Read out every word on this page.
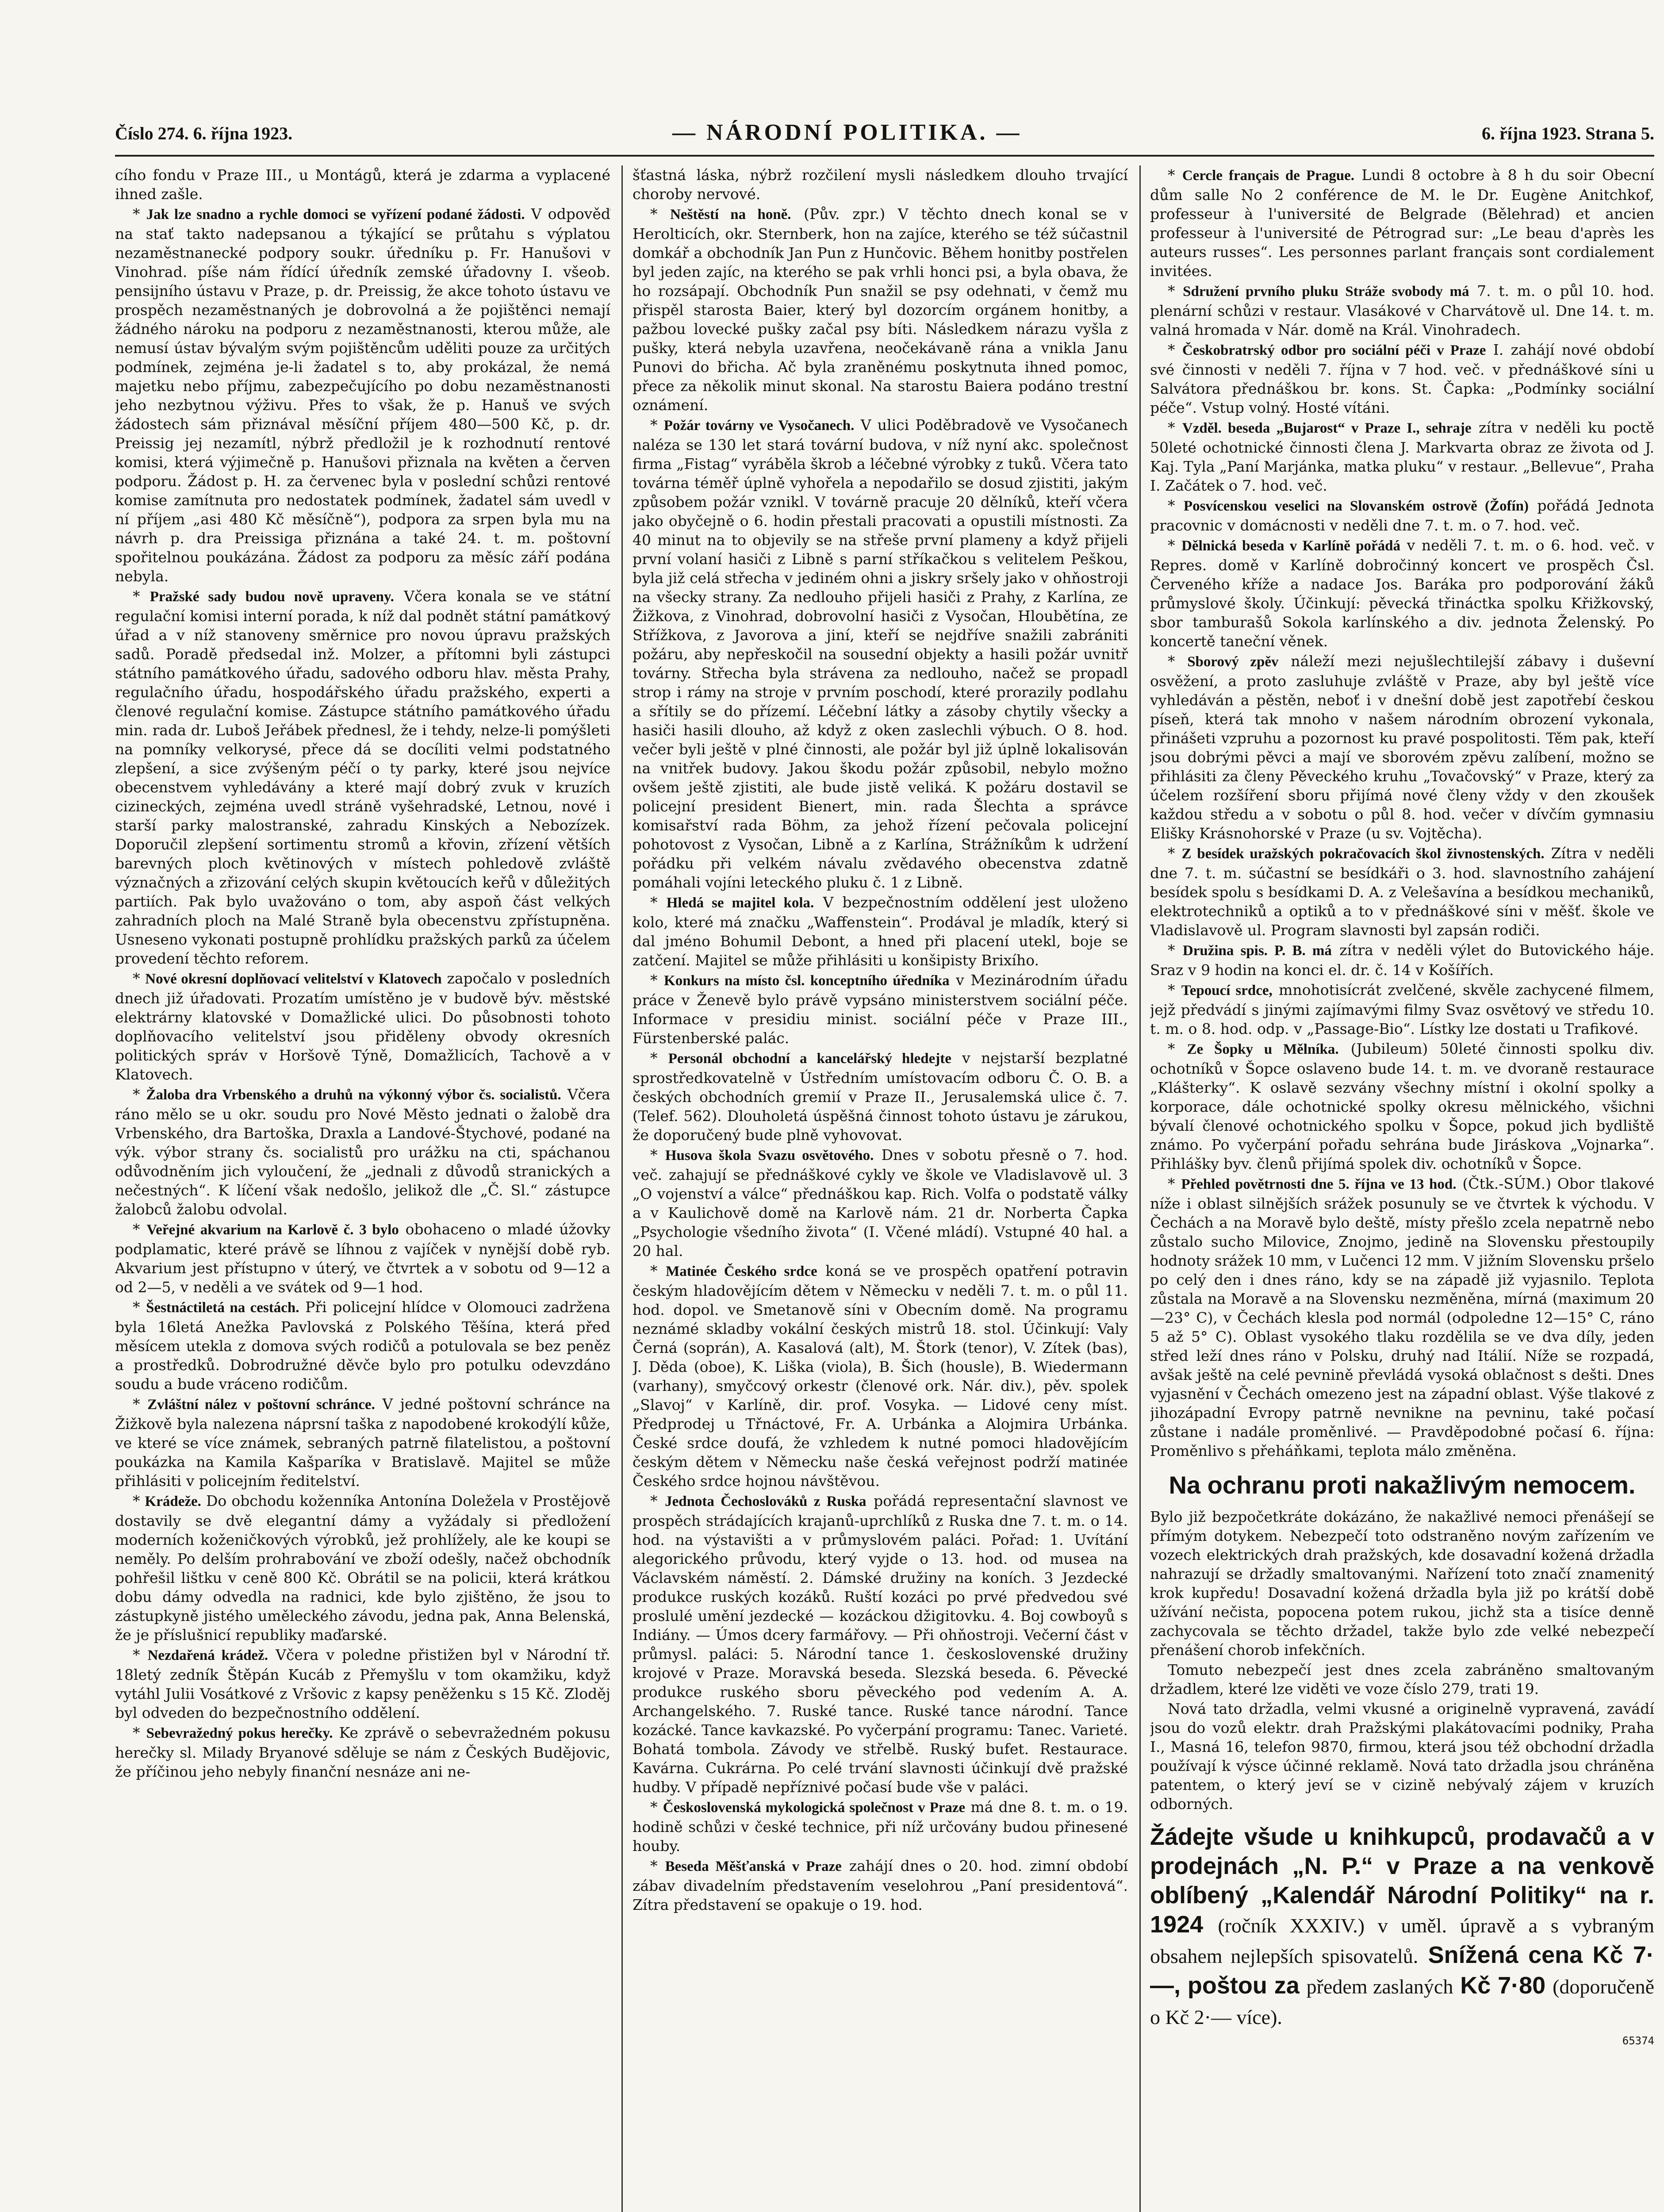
Číslo 274. 6. října 1923.	— NÁRODNÍ POLITIKA. —	6. října 1923. Strana 5.

cího fondu v Praze III., u Montágů, která je zdarma a vyplacené ihned zašle.

* Jak lze snadno a rychle domoci se vyřízení podané žádosti. V odpověď na stať takto nadepsanou a týkající se průtahu s výplatou nezaměstnanecké podpory soukr. úředníku p. Fr. Hanušovi v Vinohrad. píše nám řídící úředník zemské úřadovny I. všeob. pensijního ústavu v Praze, p. dr. Preissig, že akce tohoto ústavu ve prospěch nezaměstnaných je dobrovolná a že pojištěnci nemají žádného nároku na podporu z nezaměstnanosti, kterou může, ale nemusí ústav bývalým svým pojištěncům uděliti pouze za určitých podmínek, zejména je-li žadatel s to, aby prokázal, že nemá majetku nebo příjmu, zabezpečujícího po dobu nezaměstnanosti jeho nezbytnou výživu. Přes to však, že p. Hanuš ve svých žádostech sám přiznával měsíční příjem 480—500 Kč, p. dr. Preissig jej nezamítl, nýbrž předložil je k rozhodnutí rentové komisi, která výjimečně p. Hanušovi přiznala na květen a červen podporu. Žádost p. H. za červenec byla v poslední schůzi rentové komise zamítnuta pro nedostatek podmínek, žadatel sám uvedl v ní příjem „asi 480 Kč měsíčně“), podpora za srpen byla mu na návrh p. dra Preissiga přiznána a také 24. t. m. poštovní spořitelnou poukázána. Žádost za podporu za měsíc září podána nebyla.

* Pražské sady budou nově upraveny. Včera konala se ve státní regulační komisi interní porada, k níž dal podnět státní památkový úřad a v níž stanoveny směrnice pro novou úpravu pražských sadů. Poradě předsedal inž. Molzer, a přítomni byli zástupci státního památkového úřadu, sadového odboru hlav. města Prahy, regulačního úřadu, hospodářského úřadu pražského, experti a členové regulační komise. Zástupce státního památkového úřadu min. rada dr. Luboš Jeřábek přednesl, že i tehdy, nelze-li pomýšleti na pomníky velkorysé, přece dá se docíliti velmi podstatného zlepšení, a sice zvýšeným péčí o ty parky, které jsou nejvíce obecenstvem vyhledávány a které mají dobrý zvuk v kruzích cizineckých, zejména uvedl stráně vyšehradské, Letnou, nové i starší parky malostranské, zahradu Kinských a Nebozízek. Doporučil zlepšení sortimentu stromů a křovin, zřízení větších barevných ploch květinových v místech pohledově zvláště význačných a zřizování celých skupin květoucích keřů v důležitých partiích. Pak bylo uvažováno o tom, aby aspoň část velkých zahradních ploch na Malé Straně byla obecenstvu zpřístupněna. Usneseno vykonati postupně prohlídku pražských parků za účelem provedení těchto reforem.

* Nové okresní doplňovací velitelství v Klatovech započalo v posledních dnech již úřadovati. Prozatím umístěno je v budově býv. městské elektrárny klatovské v Domažlické ulici. Do působnosti tohoto doplňovacího velitelství jsou přiděleny obvody okresních politických správ v Horšově Týně, Domažlicích, Tachově a v Klatovech.

* Žaloba dra Vrbenského a druhů na výkonný výbor čs. socialistů. Včera ráno mělo se u okr. soudu pro Nové Město jednati o žalobě dra Vrbenského, dra Bartoška, Draxla a Landové-Štychové, podané na výk. výbor strany čs. socialistů pro urážku na cti, spáchanou odůvodněním jich vyloučení, že „jednali z důvodů stranických a nečestných“. K líčení však nedošlo, jelikož dle „Č. Sl.“ zástupce žalobců žalobu odvolal.

* Veřejné akvarium na Karlově č. 3 bylo obohaceno o mladé úžovky podplamatic, které právě se líhnou z vajíček v nynější době ryb. Akvarium jest přístupno v úterý, ve čtvrtek a v sobotu od 9—12 a od 2—5, v neděli a ve svátek od 9—1 hod.

* Šestnáctiletá na cestách. Při policejní hlídce v Olomouci zadržena byla 16letá Anežka Pavlovská z Polského Těšína, která před měsícem utekla z domova svých rodičů a potulovala se bez peněz a prostředků. Dobrodružné děvče bylo pro potulku odevzdáno soudu a bude vráceno rodičům.

* Zvláštní nález v poštovní schránce. V jedné poštovní schránce na Žižkově byla nalezena náprsní taška z napodobené krokodýlí kůže, ve které se více známek, sebraných patrně filatelistou, a poštovní poukázka na Kamila Kašparíka v Bratislavě. Majitel se může přihlásiti v policejním ředitelství.

* Krádeže. Do obchodu koženníka Antonína Doležela v Prostějově dostavily se dvě elegantní dámy a vyžádaly si předložení moderních koženičkových výrobků, jež prohlížely, ale ke koupi se neměly. Po delším prohrabování ve zboží odešly, načež obchodník pohřešil lištku v ceně 800 Kč. Obrátil se na policii, která krátkou dobu dámy odvedla na radnici, kde bylo zjištěno, že jsou to zástupkyně jistého uměleckého závodu, jedna pak, Anna Belenská, že je příslušnicí republiky maďarské.

* Nezdařená krádež. Včera v poledne přistižen byl v Národní tř. 18letý zedník Štěpán Kucáb z Přemyšlu v tom okamžiku, když vytáhl Julii Vosátkové z Vršovic z kapsy peněženku s 15 Kč. Zloděj byl odveden do bezpečnostního oddělení.

* Sebevražedný pokus herečky. Ke zprávě o sebevražedném pokusu herečky sl. Milady Bryanové sděluje se nám z Českých Budějovic, že příčinou jeho nebyly finanční nesnáze ani ne-

šťastná láska, nýbrž rozčilení mysli následkem dlouho trvající choroby nervové.

* Neštěstí na honě. (Pův. zpr.) V těchto dnech konal se v Herolticích, okr. Sternberk, hon na zajíce, kterého se též súčastnil domkář a obchodník Jan Pun z Hunčovic. Během honitby postřelen byl jeden zajíc, na kterého se pak vrhli honci psi, a byla obava, že ho rozsápají. Obchodník Pun snažil se psy odehnati, v čemž mu přispěl starosta Baier, který byl dozorcím orgánem honitby, a pažbou lovecké pušky začal psy bíti. Následkem nárazu vyšla z pušky, která nebyla uzavřena, neočekávaně rána a vnikla Janu Punovi do břicha. Ač byla zraněnému poskytnuta ihned pomoc, přece za několik minut skonal. Na starostu Baiera podáno trestní oznámení.

* Požár továrny ve Vysočanech. V ulici Poděbradově ve Vysočanech naléza se 130 let stará tovární budova, v níž nyní akc. společnost firma „Fistag“ vyráběla škrob a léčebné výrobky z tuků. Včera tato továrna téměř úplně vyhořela a nepodařilo se dosud zjistiti, jakým způsobem požár vznikl. V továrně pracuje 20 dělníků, kteří včera jako obyčejně o 6. hodin přestali pracovati a opustili místnosti. Za 40 minut na to objevily se na střeše první plameny a když přijeli první volaní hasiči z Libně s parní stříkačkou s velitelem Peškou, byla již celá střecha v jediném ohni a jiskry sršely jako v ohňostroji na všecky strany. Za nedlouho přijeli hasiči z Prahy, z Karlína, ze Žižkova, z Vinohrad, dobrovolní hasiči z Vysočan, Hloubětína, ze Střížkova, z Javorova a jiní, kteří se nejdříve snažili zabrániti požáru, aby nepřeskočil na sousední objekty a hasili požár uvnitř továrny. Střecha byla strávena za nedlouho, načež se propadl strop i rámy na stroje v prvním poschodí, které prorazily podlahu a sřítily se do přízemí. Léčební látky a zásoby chytily všecky a hasiči hasili dlouho, až když z oken zaslechli výbuch. O 8. hod. večer byli ještě v plné činnosti, ale požár byl již úplně lokalisován na vnitřek budovy. Jakou škodu požár způsobil, nebylo možno ovšem ještě zjistiti, ale bude jistě veliká. K požáru dostavil se policejní president Bienert, min. rada Šlechta a správce komisařství rada Böhm, za jehož řízení pečovala policejní pohotovost z Vysočan, Libně a z Karlína, Strážníkům k udržení pořádku při velkém návalu zvědavého obecenstva zdatně pomáhali vojíni leteckého pluku č. 1 z Libně.

* Hledá se majitel kola. V bezpečnostním oddělení jest uloženo kolo, které má značku „Waffenstein“. Prodával je mladík, který si dal jméno Bohumil Debont, a hned při placení utekl, boje se zatčení. Majitel se může přihlásiti u konšipisty Brixího.

* Konkurs na místo čsl. konceptního úředníka v Mezinárodním úřadu práce v Ženevě bylo právě vypsáno ministerstvem sociální péče. Informace v presidiu minist. sociální péče v Praze III., Fürstenberské palác.

* Personál obchodní a kancelářský hledejte v nejstarší bezplatné sprostředkovatelně v Ústředním umístovacím odboru Č. O. B. a českých obchodních gremií v Praze II., Jerusalemská ulice č. 7. (Telef. 562). Dlouholetá úspěšná činnost tohoto ústavu je zárukou, že doporučený bude plně vyhovovat.

* Husova škola Svazu osvětového. Dnes v sobotu přesně o 7. hod. več. zahajují se přednáškové cykly ve škole ve Vladislavově ul. 3 „O vojenství a válce“ přednáškou kap. Rich. Volfa o podstatě války a v Kaulichově domě na Karlově nám. 21 dr. Norberta Čapka „Psychologie všedního života“ (I. Včené mládí). Vstupné 40 hal. a 20 hal.

* Matinée Českého srdce koná se ve prospěch opatření potravin českým hladovějícím dětem v Německu v neděli 7. t. m. o půl 11. hod. dopol. ve Smetanově síni v Obecním domě. Na programu neznámé skladby vokální českých mistrů 18. stol. Účinkují: Valy Černá (soprán), A. Kasalová (alt), M. Štork (tenor), V. Zítek (bas), J. Děda (oboe), K. Liška (viola), B. Šich (housle), B. Wiedermann (varhany), smyčcový orkestr (členové ork. Nár. div.), pěv. spolek „Slavoj“ v Karlíně, dir. prof. Vosyka. — Lidové ceny míst. Předprodej u Třnáctové, Fr. A. Urbánka a Alojmira Urbánka. České srdce doufá, že vzhledem k nutné pomoci hladovějícím českým dětem v Německu naše česká veřejnost podrží matinée Českého srdce hojnou návštěvou.

* Jednota Čechoslováků z Ruska pořádá representační slavnost ve prospěch strádajících krajanů-uprchlíků z Ruska dne 7. t. m. o 14. hod. na výstavišti a v průmyslovém paláci. Pořad: 1. Uvítání alegorického průvodu, který vyjde o 13. hod. od musea na Václavském náměstí. 2. Dámské družiny na koních. 3 Jezdecké produkce ruských kozáků. Ruští kozáci po prvé předvedou své proslulé umění jezdecké — kozáckou džigitovku. 4. Boj cowboyů s Indiány. — Úmos dcery farmářovy. — Při ohňostroji. Večerní část v průmysl. paláci: 5. Národní tance 1. československé družiny krojové v Praze. Moravská beseda. Slezská beseda. 6. Pěvecké produkce ruského sboru pěveckého pod vedením A. A. Archangelského. 7. Ruské tance. Ruské tance národní. Tance kozácké. Tance kavkazské. Po vyčerpání programu: Tanec. Varieté. Bohatá tombola. Závody ve střelbě. Ruský bufet. Restaurace. Kavárna. Cukrárna. Po celé trvání slavnosti účinkují dvě pražské hudby. V případě nepříznivé počasí bude vše v paláci.

* Československá mykologická společnost v Praze má dne 8. t. m. o 19. hodině schůzi v české technice, při níž určovány budou přinesené houby.

* Beseda Měšťanská v Praze zahájí dnes o 20. hod. zimní období zábav divadelním představením veselohrou „Paní presidentová“. Zítra představení se opakuje o 19. hod.

* Cercle français de Prague. Lundi 8 octobre à 8 h du soir Obecní dům salle No 2 conférence de M. le Dr. Eugène Anitchkof, professeur à l'université de Belgrade (Bělehrad) et ancien professeur à l'université de Pétrograd sur: „Le beau d'après les auteurs russes“. Les personnes parlant français sont cordialement invitées.

* Sdružení prvního pluku Stráže svobody má 7. t. m. o půl 10. hod. plenární schůzi v restaur. Vlasákové v Charvátově ul. Dne 14. t. m. valná hromada v Nár. domě na Král. Vinohradech.

* Českobratrský odbor pro sociální péči v Praze I. zahájí nové období své činnosti v neděli 7. října v 7 hod. več. v přednáškové síni u Salvátora přednáškou br. kons. St. Čapka: „Podmínky sociální péče“. Vstup volný. Hosté vítáni.

* Vzděl. beseda „Bujarost“ v Praze I., sehraje zítra v neděli ku poctě 50leté ochotnické činnosti člena J. Markvarta obraz ze života od J. Kaj. Tyla „Paní Marjánka, matka pluku“ v restaur. „Bellevue“, Praha I. Začátek o 7. hod. več.

* Posvícenskou veselici na Slovanském ostrově (Žofín) pořádá Jednota pracovnic v domácnosti v neděli dne 7. t. m. o 7. hod. več.

* Dělnická beseda v Karlíně pořádá v neděli 7. t. m. o 6. hod. več. v Repres. domě v Karlíně dobročinný koncert ve prospěch Čsl. Červeného kříže a nadace Jos. Baráka pro podporování žáků průmyslové školy. Účinkují: pěvecká třináctka spolku Křižkovský, sbor tamburašů Sokola karlínského a div. jednota Želenský. Po koncertě taneční věnek.

* Sborový zpěv náleží mezi nejušlechtilejší zábavy i duševní osvěžení, a proto zasluhuje zvláště v Praze, aby byl ještě více vyhledáván a pěstěn, neboť i v dnešní době jest zapotřebí českou píseň, která tak mnoho v našem národním obrození vykonala, přinášeti vzpruhu a pozornost ku pravé pospolitosti. Těm pak, kteří jsou dobrými pěvci a mají ve sborovém zpěvu zalíbení, možno se přihlásiti za členy Pěveckého kruhu „Tovačovský“ v Praze, který za účelem rozšíření sboru přijímá nové členy vždy v den zkoušek každou středu a v sobotu o půl 8. hod. večer v dívčím gymnasiu Elišky Krásnohorské v Praze (u sv. Vojtěcha).

* Z besídek uražských pokračovacích škol živnostenských. Zítra v neděli dne 7. t. m. súčastní se besídkáři o 3. hod. slavnostního zahájení besídek spolu s besídkami D. A. z Velešavína a besídkou mechaniků, elektrotechniků a optiků a to v přednáškové síni v měšť. škole ve Vladislavově ul. Program slavnosti byl zapsán rodiči.

* Družina spis. P. B. má zítra v neděli výlet do Butovického háje. Sraz v 9 hodin na konci el. dr. č. 14 v Košířích.

* Tepoucí srdce, mnohotisícrát zvelčené, skvěle zachycené filmem, jejž předvádí s jinými zajímavými filmy Svaz osvětový ve středu 10. t. m. o 8. hod. odp. v „Passage-Bio“. Lístky lze dostati u Trafikové.

* Ze Šopky u Mělníka. (Jubileum) 50leté činnosti spolku div. ochotníků v Šopce oslaveno bude 14. t. m. ve dvoraně restaurace „Klášterky“. K oslavě sezvány všechny místní i okolní spolky a korporace, dále ochotnické spolky okresu mělnického, všichni bývalí členové ochotnického spolku v Šopce, pokud jich bydliště známo. Po vyčerpání pořadu sehrána bude Jiráskova „Vojnarka“. Přihlášky byv. členů přijímá spolek div. ochotníků v Šopce.

* Přehled povětrnosti dne 5. října ve 13 hod. (Čtk.-SÚM.) Obor tlakové níže i oblast silnějších srážek posunuly se ve čtvrtek k východu. V Čechách a na Moravě bylo deště, místy přešlo zcela nepatrně nebo zůstalo sucho Milovice, Znojmo, jedině na Slovensku přestoupily hodnoty srážek 10 mm, v Lučenci 12 mm. V jižním Slovensku pršelo po celý den i dnes ráno, kdy se na západě již vyjasnilo. Teplota zůstala na Moravě a na Slovensku nezměněna, mírná (maximum 20—23° C), v Čechách klesla pod normál (odpoledne 12—15° C, ráno 5 až 5° C). Oblast vysokého tlaku rozdělila se ve dva díly, jeden střed leží dnes ráno v Polsku, druhý nad Itálií. Níže se rozpadá, avšak ještě na celé pevnině převládá vysoká oblačnost s dešti. Dnes vyjasnění v Čechách omezeno jest na západní oblast. Výše tlakové z jihozápadní Evropy patrně nevnikne na pevninu, také počasí zůstane i nadále proměnlivé. — Pravděpodobné počasí 6. října: Proměnlivo s přeháňkami, teplota málo změněna.

Na ochranu proti nakažlivým nemocem.

Bylo již bezpočetkráte dokázáno, že nakažlivé nemoci přenášejí se přímým dotykem. Nebezpečí toto odstraněno novým zařízením ve vozech elektrických drah pražských, kde dosavadní kožená držadla nahrazují se držadly smaltovanými. Nařízení toto značí znamenitý krok kupředu! Dosavadní kožená držadla byla již po krátší době užívání nečista, popocena potem rukou, jichž sta a tisíce denně zachycovala se těchto držadel, takže bylo zde velké nebezpečí přenášení chorob infekčních.

Tomuto nebezpečí jest dnes zcela zabráněno smaltovaným držadlem, které lze viděti ve voze číslo 279, trati 19.

Nová tato držadla, velmi vkusné a originelně vypravená, zavádí jsou do vozů elektr. drah Pražskými plakátovacími podniky, Praha I., Masná 16, telefon 9870, firmou, která jsou též obchodní držadla používají k výsce účinné reklamě. Nová tato držadla jsou chráněna patentem, o který jeví se v cizině nebývalý zájem v kruzích odborných.

Žádejte všude u knihkupců, prodavačů a v prodejnách „N. P.“ v Praze a na venkově oblíbený „Kalendář Národní Politiky“ na r. 1924 (ročník XXXIV.) v uměl. úpravě a s vybraným obsahem nejlepších spisovatelů. Snížená cena Kč 7·—, poštou za předem zaslaných Kč 7·80 (doporučeně o Kč 2·— více).
65374
